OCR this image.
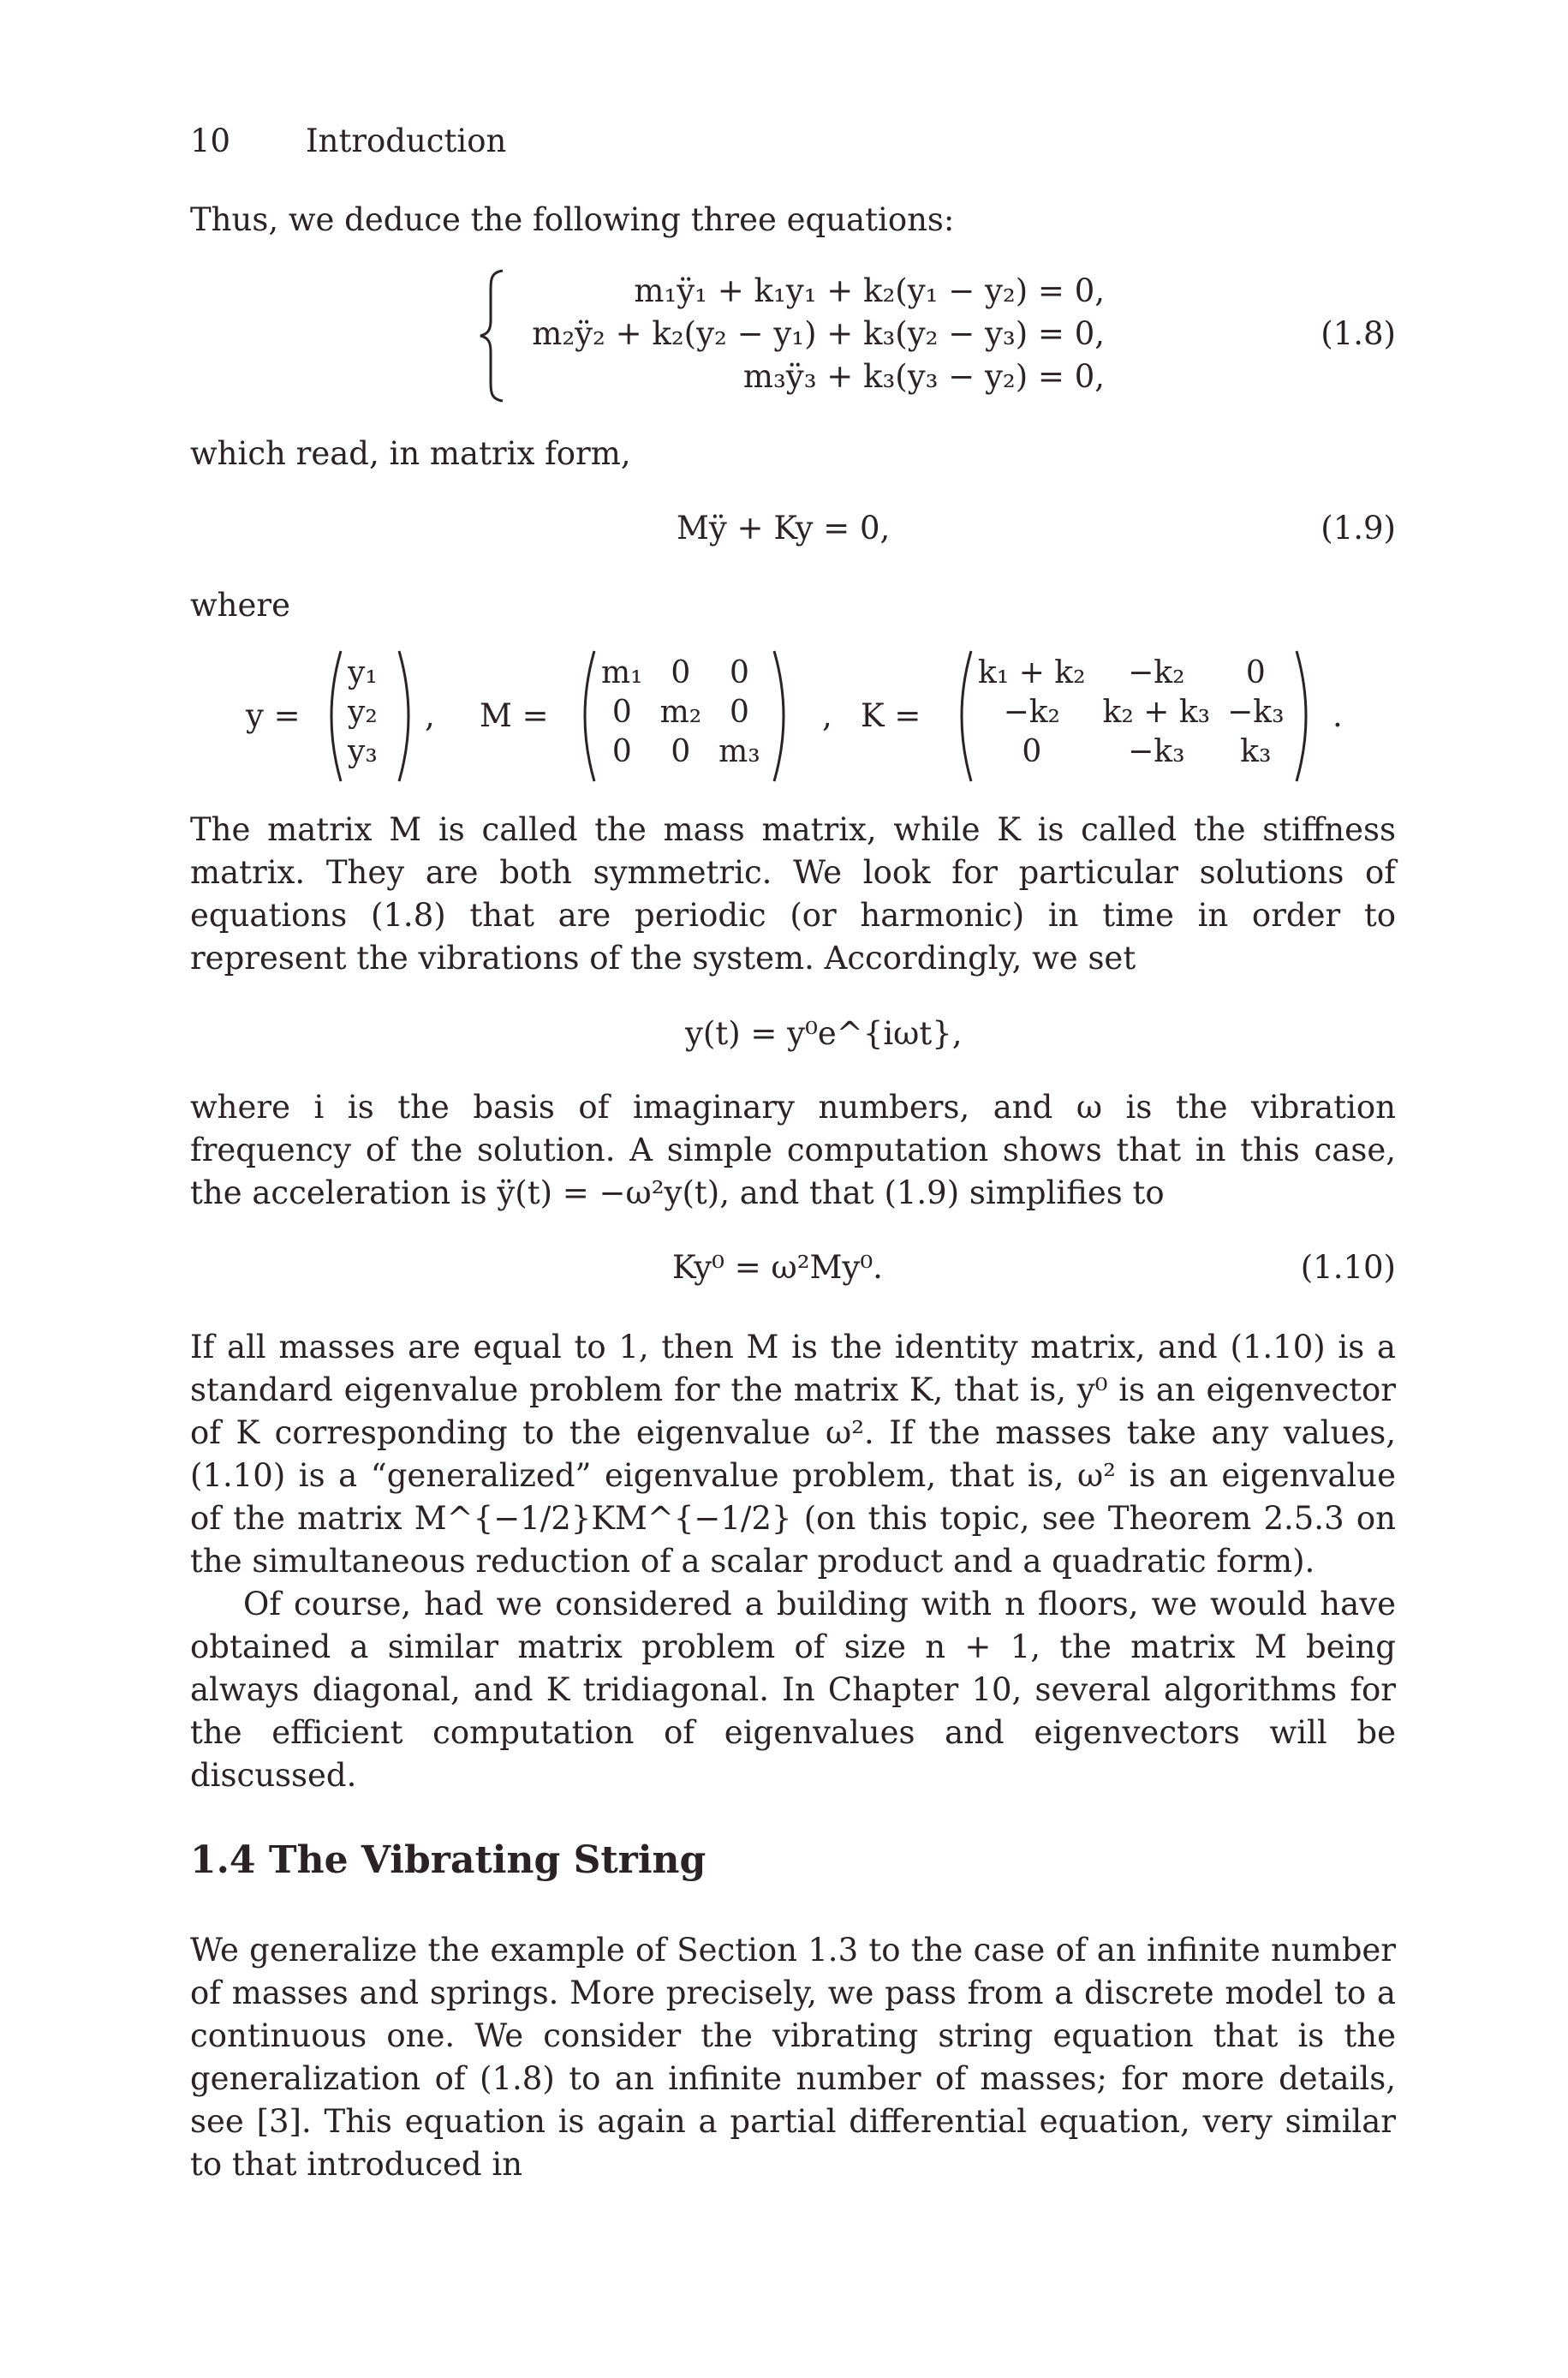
10 Introduction
Thus, we deduce the following three equations:
m₁ÿ₁ + k₁y₁ + k₂(y₁ − y₂) = 0,
m₂ÿ₂ + k₂(y₂ − y₁) + k₃(y₂ − y₃) = 0,
m₃ÿ₃ + k₃(y₃ − y₂) = 0,
(1.8)
which read, in matrix form,
Mÿ + Ky = 0,	(1.9)
where
y =
y₁
y₂
y₃
, M =
m₁	0	0
0	m₂	0
0	0	m₃
, K =
k₁ + k₂	−k₂	0
−k₂	k₂ + k₃	−k₃
0	−k₃	k₃
.

The matrix M is called the mass matrix, while K is called the stiffness matrix. They are both symmetric. We look for particular solutions of equations (1.8) that are periodic (or harmonic) in time in order to represent the vibrations of the system. Accordingly, we set

y(t) = y⁰e^{iωt},

where i is the basis of imaginary numbers, and ω is the vibration frequency of the solution. A simple computation shows that in this case, the acceleration is ÿ(t) = −ω²y(t), and that (1.9) simplifies to

Ky⁰ = ω²My⁰.	(1.10)

If all masses are equal to 1, then M is the identity matrix, and (1.10) is a standard eigenvalue problem for the matrix K, that is, y⁰ is an eigenvector of K corresponding to the eigenvalue ω². If the masses take any values, (1.10) is a “generalized” eigenvalue problem, that is, ω² is an eigenvalue of the matrix M^{−1/2}KM^{−1/2} (on this topic, see Theorem 2.5.3 on the simultaneous reduction of a scalar product and a quadratic form).

Of course, had we considered a building with n floors, we would have obtained a similar matrix problem of size n + 1, the matrix M being always diagonal, and K tridiagonal. In Chapter 10, several algorithms for the efficient computation of eigenvalues and eigenvectors will be discussed.

1.4 The Vibrating String

We generalize the example of Section 1.3 to the case of an infinite number of masses and springs. More precisely, we pass from a discrete model to a continuous one. We consider the vibrating string equation that is the generalization of (1.8) to an infinite number of masses; for more details, see [3]. This equation is again a partial differential equation, very similar to that introduced in
